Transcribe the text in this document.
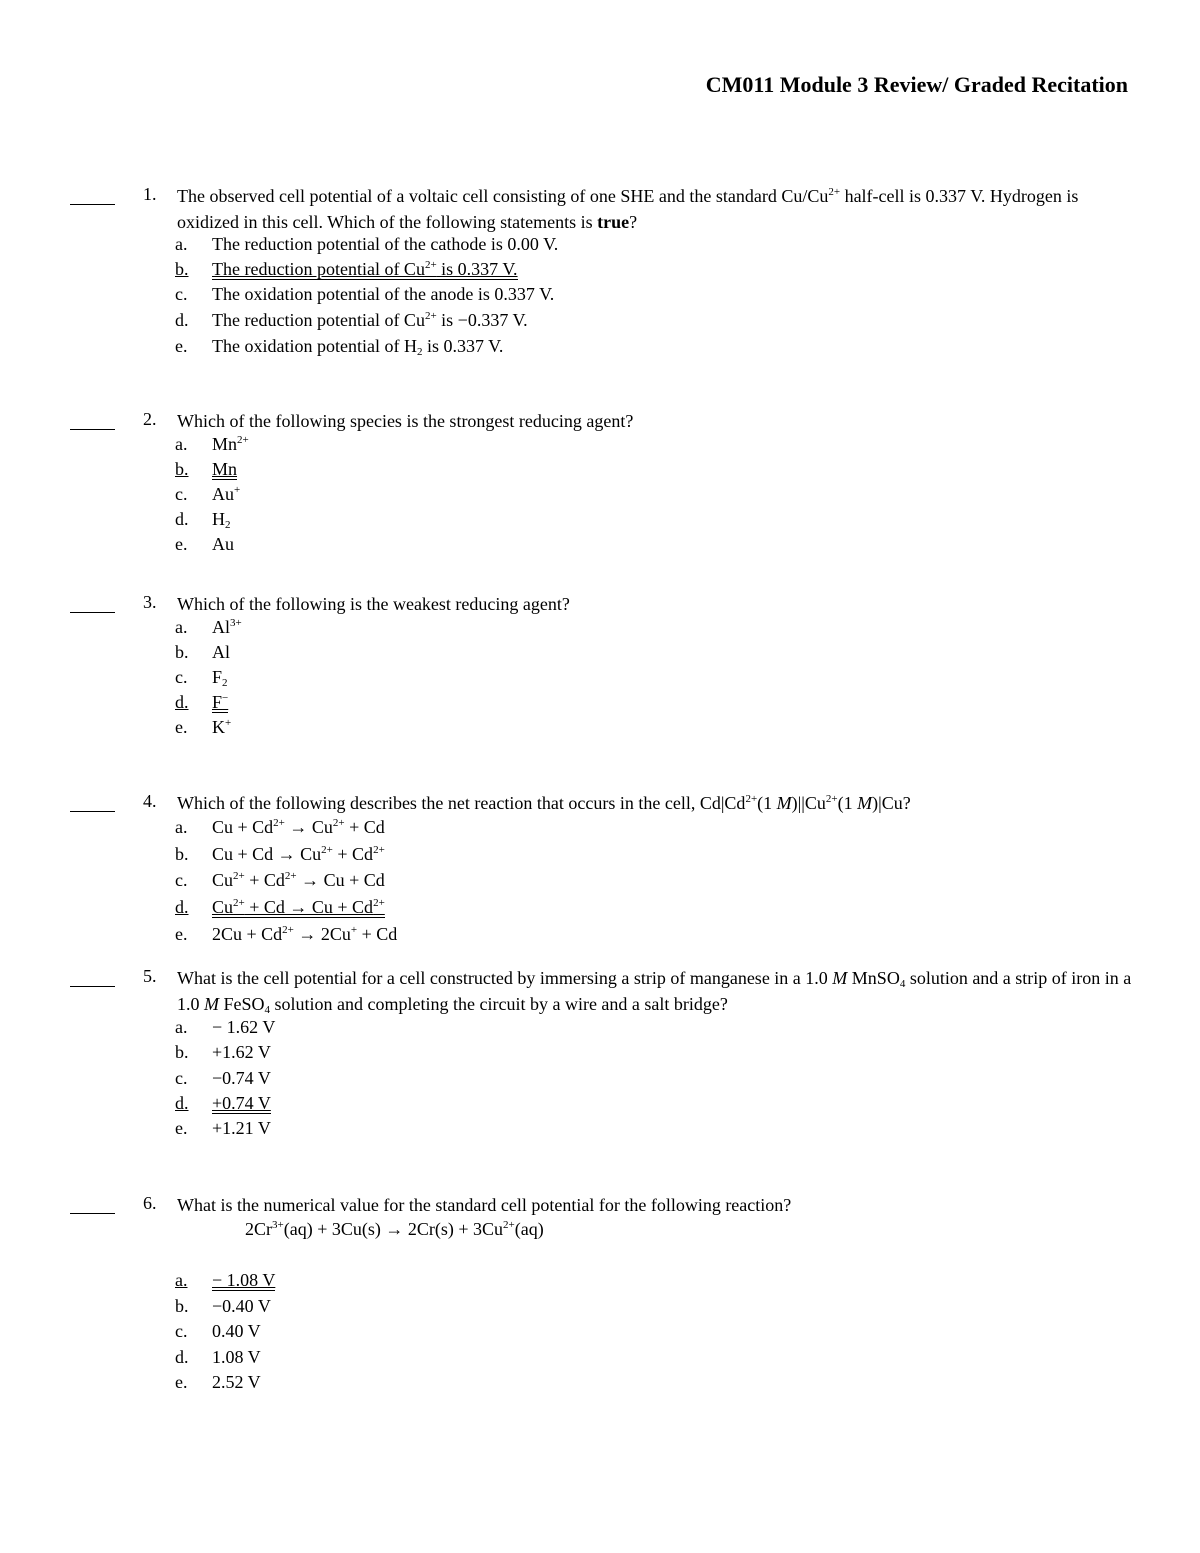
CM011 Module 3 Review/ Graded Recitation
1. The observed cell potential of a voltaic cell consisting of one SHE and the standard $Cu/Cu^{2+}$ half-cell is 0.337 V. Hydrogen is oxidized in this cell. Which of the following statements is true?
2. Which of the following species is the strongest reducing agent?
3. Which of the following is the weakest reducing agent?
4. Which of the following describes the net reaction that occurs in the cell, $Cd|Cd^{2+}(1$ $M)||Cu^{2+}(1$ M)|Cu?
5. What is the cell potential for a cell constructed by immersing a strip of manganese in a 1.0 M MnSO$_4$ solution and a strip of iron in a 1.0 M FeSO$_4$ solution and completing the circuit by a wire and a salt bridge?
6. What is the numerical value for the standard cell potential for the following reaction?
$2Cr^{3+}(aq) + 3Cu(s) \to 2Cr(s) + 3Cu^{2+}(aq)$
a. The reduction potential of the cathode is 0.00 V.
b. The reduction potential of $Cu^{2+}$ is 0.337 V.
c. The oxidation potential of the anode is 0.337 V.
d. The reduction potential of $Cu^{2+}$ is −0.337 V.
e. The oxidation potential of $H_2$ is 0.337 V.
a. $Mn^{2+}$
b. Mn
c. Au+
d. $H_2$
e. Au
a. $Al^{3+}$
b. Al
c. $F_2$
d. F−
e. K+
a. $Cu + Cd^{2+} \to Cu^{2+} + Cd$
b. $Cu + Cd \to Cu^{2+} + Cd^{2+}$
c. $Cu^{2+} + Cd^{2+} \to Cu + Cd$
d. $Cu^{2+} + Cd \to Cu + Cd^{2+}$
e. $2Cu + Cd^{2+} \to 2Cu^+ + Cd$
a. − 1.62 V
b. +1.62 V
c. −0.74 V
d. +0.74 V
e. +1.21 V
a. − 1.08 V
b. −0.40 V
c. 0.40 V
d. 1.08 V
e. 2.52 V
